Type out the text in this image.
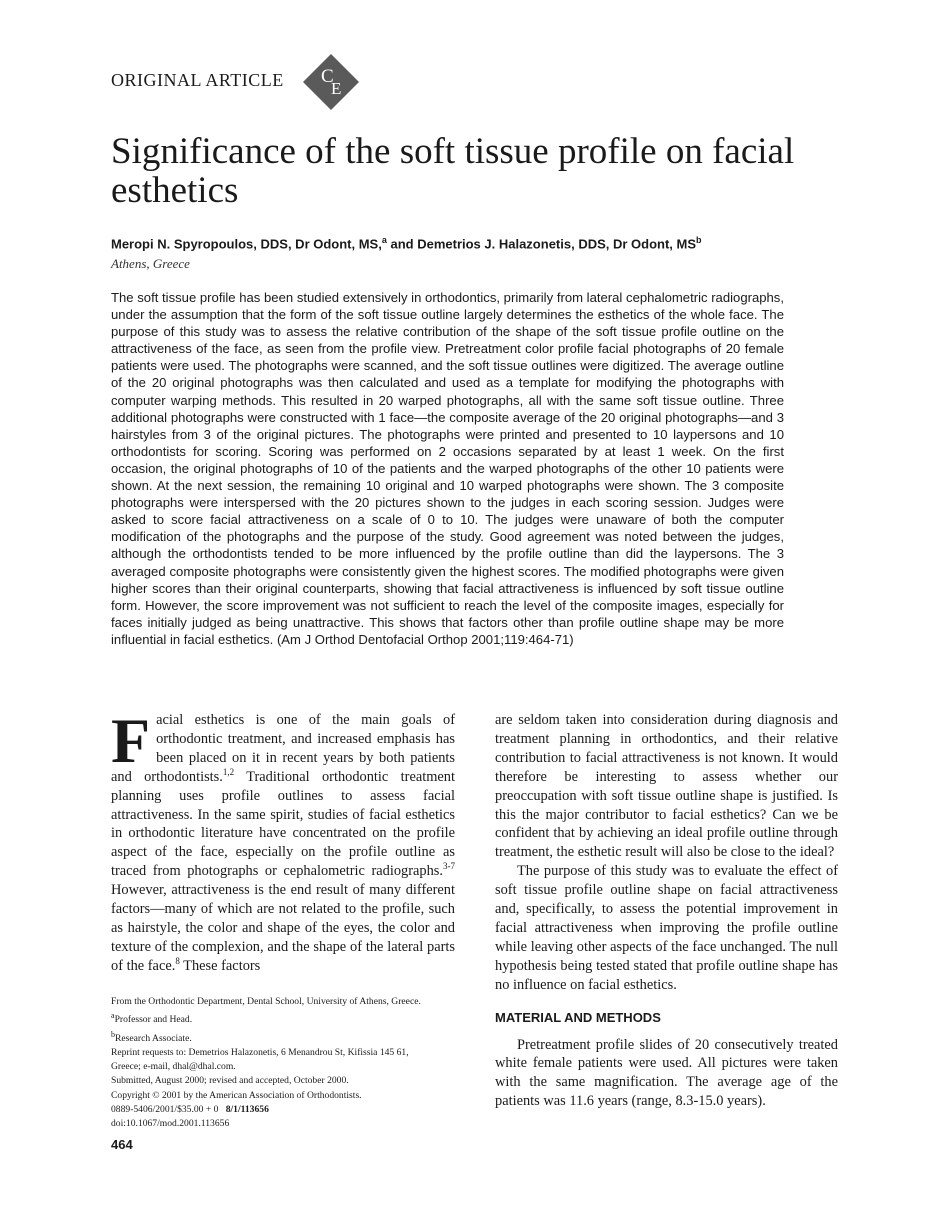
ORIGINAL ARTICLE C
E
Significance of the soft tissue profile on facial esthetics
Meropi N. Spyropoulos, DDS, Dr Odont, MS,$^a$ and Demetrios J. Halazonetis, DDS, Dr Odont, $MS^b$
Athens, Greece

The soft tissue profile has been studied extensively in orthodontics, primarily from lateral cephalometric radiographs, under the assumption that the form of the soft tissue outline largely determines the esthetics of the whole face. The purpose of this study was to assess the relative contribution of the shape of the soft tissue profile outline on the attractiveness of the face, as seen from the profile view. Pretreatment color profile facial photographs of 20 female patients were used. The photographs were scanned, and the soft tissue outlines were digitized. The average outline of the 20 original photographs was then calculated and used as a template for modifying the photographs with computer warping methods. This resulted in 20 warped photographs, all with the same soft tissue outline. Three additional photographs were constructed with 1 face—the composite average of the 20 original photographs—and 3 hairstyles from 3 of the original pictures. The photographs were printed and presented to 10 laypersons and 10 orthodontists for scoring. Scoring was performed on 2 occasions separated by at least 1 week. On the first occasion, the original photographs of 10 of the patients and the warped photographs of the other 10 patients were shown. At the next session, the remaining 10 original and 10 warped photographs were shown. The 3 composite photographs were interspersed with the 20 pictures shown to the judges in each scoring session. Judges were asked to score facial attractiveness on a scale of 0 to 10. The judges were unaware of both the computer modification of the photographs and the purpose of the study. Good agreement was noted between the judges, although the orthodontists tended to be more influenced by the profile outline than did the laypersons. The 3 averaged composite photographs were consistently given the highest scores. The modified photographs were given higher scores than their original counterparts, showing that facial attractiveness is influenced by soft tissue outline form. However, the score improvement was not sufficient to reach the level of the composite images, especially for faces initially judged as being unattractive. This shows that factors other than profile outline shape may be more influential in facial esthetics. (Am J Orthod Dentofacial Orthop 2001;119:464-71)

Facial esthetics is one of the main goals of orthodontic treatment, and increased emphasis has been placed on it in recent years by both patients and orthodontists.$^{1,2}$ Traditional orthodontic treatment planning uses profile outlines to assess facial attractiveness. In the same spirit, studies of facial esthetics in orthodontic literature have concentrated on the profile aspect of the face, especially on the profile outline as traced from photographs or cephalometric radiographs.$^{3-7}$ However, attractiveness is the end result of many different factors—many of which are not related to the profile, such as hairstyle, the color and shape of the eyes, the color and texture of the complexion, and the shape of the lateral parts of the face.$^8$ These factors

are seldom taken into consideration during diagnosis and treatment planning in orthodontics, and their relative contribution to facial attractiveness is not known. It would therefore be interesting to assess whether our preoccupation with soft tissue outline shape is justified. Is this the major contributor to facial esthetics? Can we be confident that by achieving an ideal profile outline through treatment, the esthetic result will also be close to the ideal?

The purpose of this study was to evaluate the effect of soft tissue profile outline shape on facial attractiveness and, specifically, to assess the potential improvement in facial attractiveness when improving the profile outline while leaving other aspects of the face unchanged. The null hypothesis being tested stated that profile outline shape has no influence on facial esthetics.

MATERIAL AND METHODS

Pretreatment profile slides of 20 consecutively treated white female patients were used. All pictures were taken with the same magnification. The average age of the patients was 11.6 years (range, 8.3-15.0 years).

From the Orthodontic Department, Dental School, University of Athens, Greece.
$^a$Professor and Head.
$^b$Research Associate.
Reprint requests to: Demetrios Halazonetis, 6 Menandrou St, Kifissia 145 61,
Greece; e-mail, dhal@dhal.com.
Submitted, August 2000; revised and accepted, October 2000.
Copyright © 2001 by the American Association of Orthodontists.
0889-5406/2001/$35.00 + 0 8/1/113656
doi:10.1067/mod.2001.113656
464
